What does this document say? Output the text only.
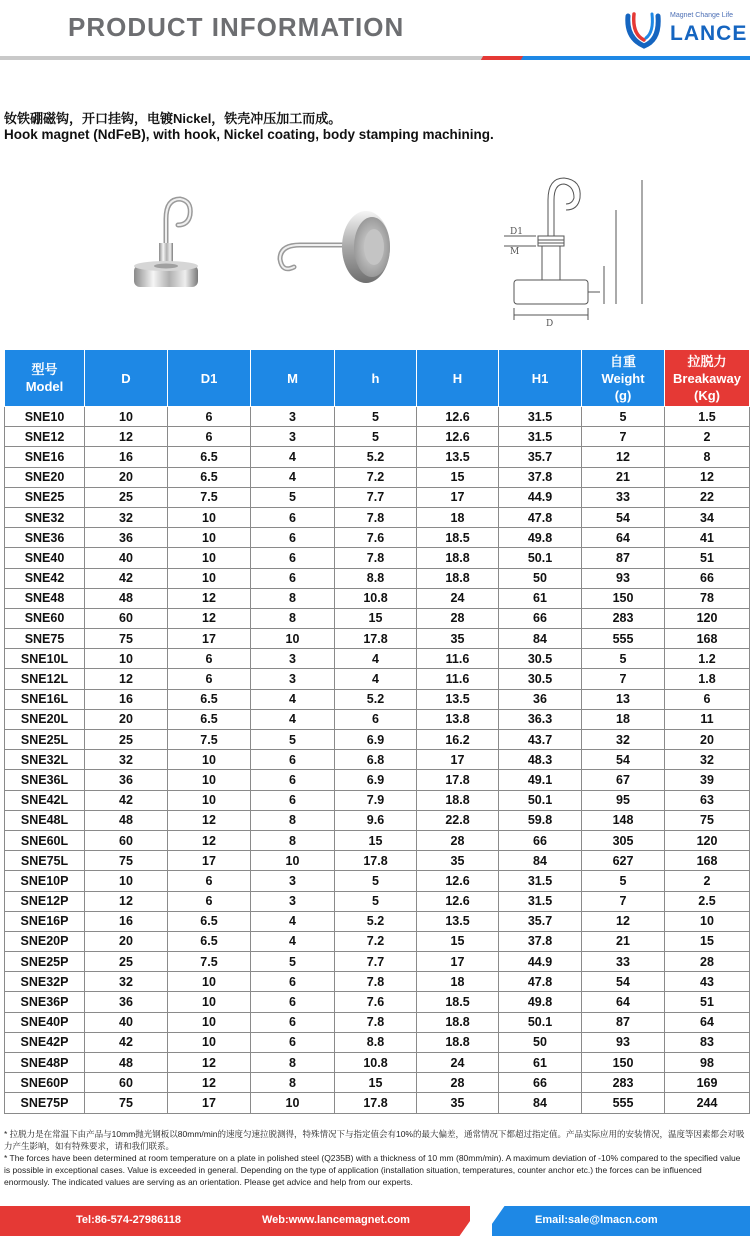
PRODUCT INFORMATION	Magnet Change Life
LANCE
钕铁硼磁钩，开口挂钩，电镀Nickel，铁壳冲压加工而成。
Hook magnet (NdFeB), with hook, Nickel coating, body stamping machining.
D1
M
D
型号
Model	D	D1	M	h	H	H1	自重
Weight
(g)	拉脱力
Breakaway
(Kg)
SNE10	10	6	3	5	12.6	31.5	5	1.5
SNE12	12	6	3	5	12.6	31.5	7	2
SNE16	16	6.5	4	5.2	13.5	35.7	12	8
SNE20	20	6.5	4	7.2	15	37.8	21	12
SNE25	25	7.5	5	7.7	17	44.9	33	22
SNE32	32	10	6	7.8	18	47.8	54	34
SNE36	36	10	6	7.6	18.5	49.8	64	41
SNE40	40	10	6	7.8	18.8	50.1	87	51
SNE42	42	10	6	8.8	18.8	50	93	66
SNE48	48	12	8	10.8	24	61	150	78
SNE60	60	12	8	15	28	66	283	120
SNE75	75	17	10	17.8	35	84	555	168
SNE10L	10	6	3	4	11.6	30.5	5	1.2
SNE12L	12	6	3	4	11.6	30.5	7	1.8
SNE16L	16	6.5	4	5.2	13.5	36	13	6
SNE20L	20	6.5	4	6	13.8	36.3	18	11
SNE25L	25	7.5	5	6.9	16.2	43.7	32	20
SNE32L	32	10	6	6.8	17	48.3	54	32
SNE36L	36	10	6	6.9	17.8	49.1	67	39
SNE42L	42	10	6	7.9	18.8	50.1	95	63
SNE48L	48	12	8	9.6	22.8	59.8	148	75
SNE60L	60	12	8	15	28	66	305	120
SNE75L	75	17	10	17.8	35	84	627	168
SNE10P	10	6	3	5	12.6	31.5	5	2
SNE12P	12	6	3	5	12.6	31.5	7	2.5
SNE16P	16	6.5	4	5.2	13.5	35.7	12	10
SNE20P	20	6.5	4	7.2	15	37.8	21	15
SNE25P	25	7.5	5	7.7	17	44.9	33	28
SNE32P	32	10	6	7.8	18	47.8	54	43
SNE36P	36	10	6	7.6	18.5	49.8	64	51
SNE40P	40	10	6	7.8	18.8	50.1	87	64
SNE42P	42	10	6	8.8	18.8	50	93	83
SNE48P	48	12	8	10.8	24	61	150	98
SNE60P	60	12	8	15	28	66	283	169
SNE75P	75	17	10	17.8	35	84	555	244
* 拉脱力是在常温下由产品与10mm抛光钢板以80mm/min的速度匀速拉脱测得，特殊情况下与指定值会有10%的最大偏差，通常情况下都超过指定值。产品实际应用的安装情况，温度等因素都会对吸力产生影响，如有特殊要求，请和我们联系。
* The forces have been determined at room temperature on a plate in polished steel (Q235B) with a thickness of 10 mm (80mm/min). A maximum deviation of -10% compared to the specified value is possible in exceptional cases. Value is exceeded in general. Depending on the type of application (installation situation, temperatures, counter anchor etc.) the forces can be influenced enormously. The indicated values are serving as an orientation. Please get advice and help from our experts.
Tel:86-574-27986118	Web:www.lancemagnet.com	Email:sale@lmacn.com
